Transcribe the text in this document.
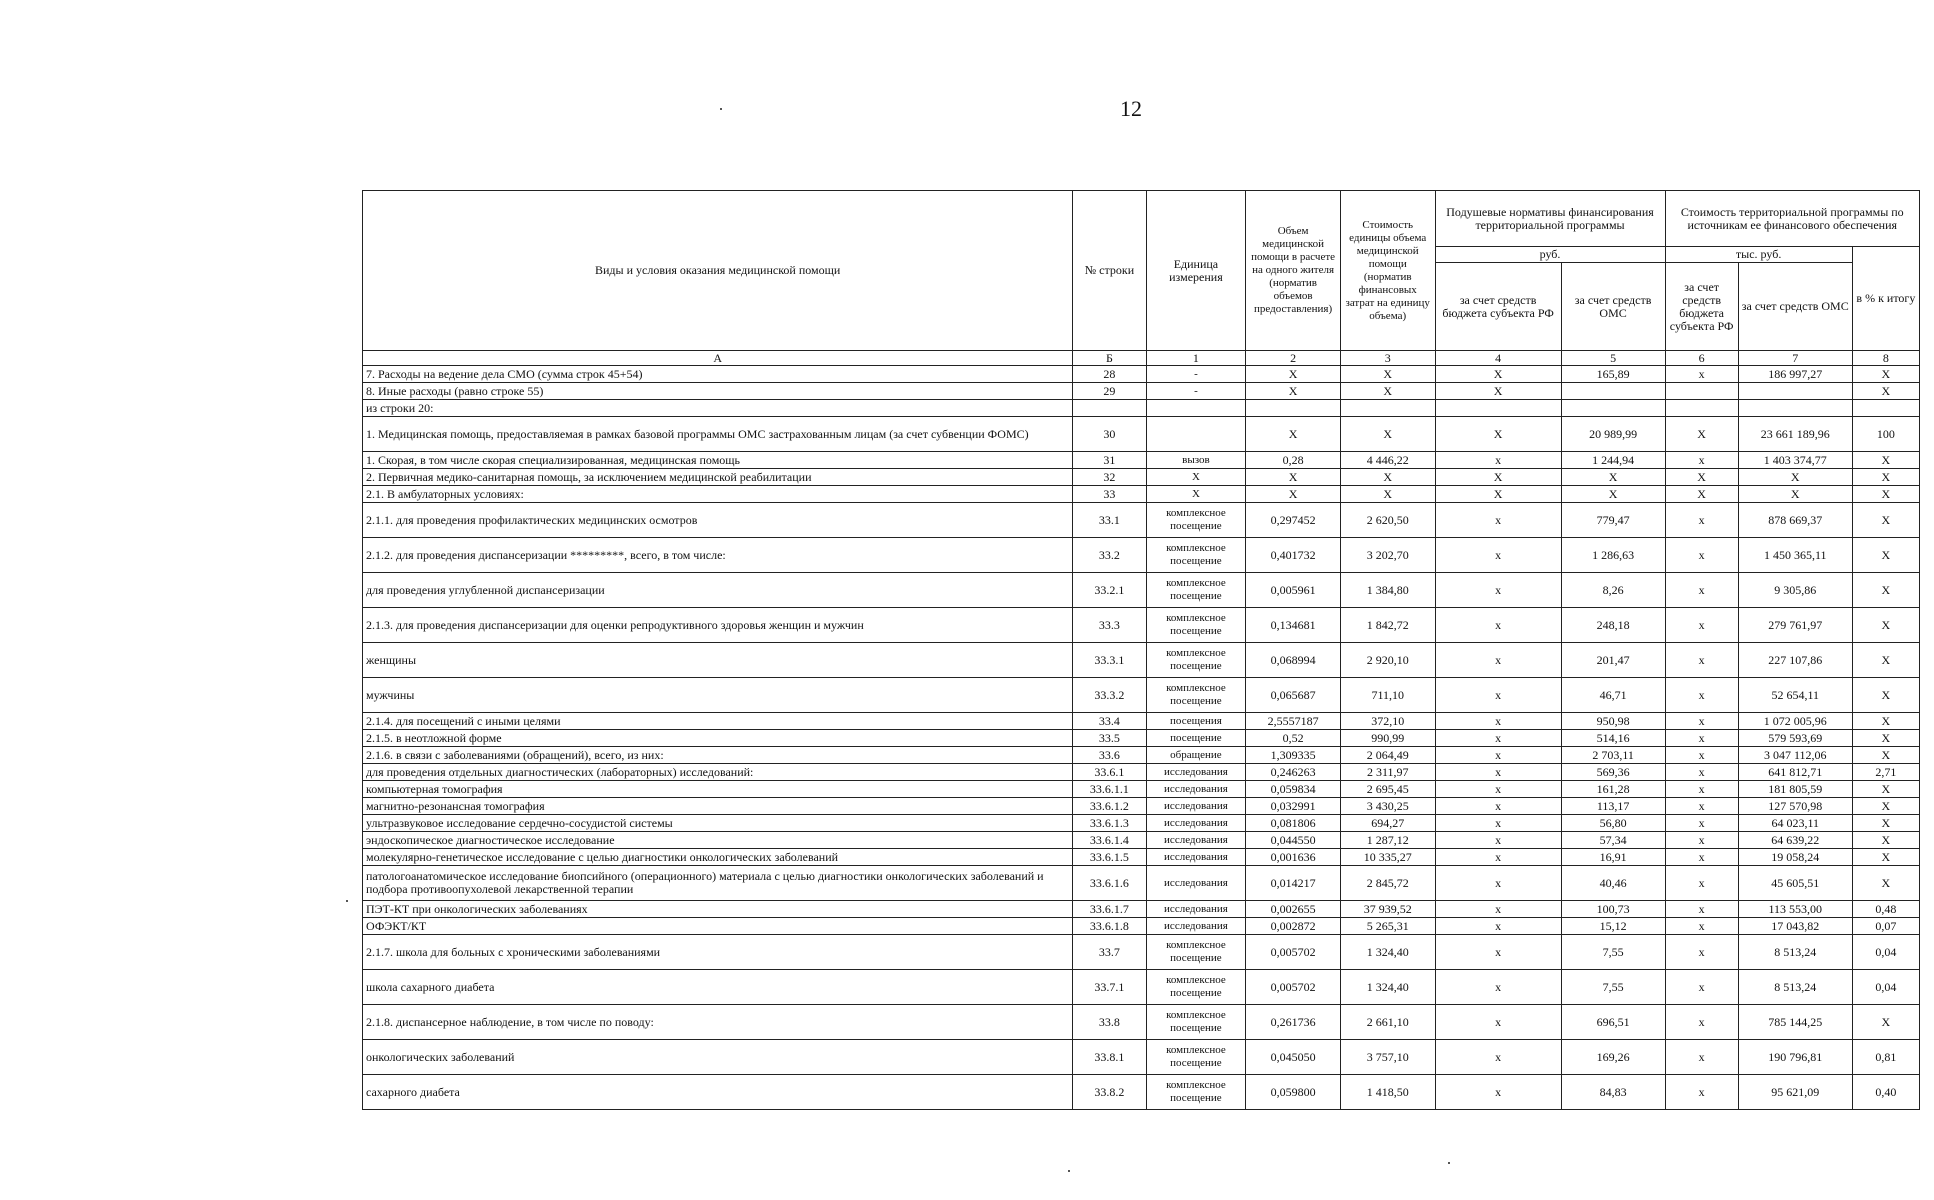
12
Виды и условия оказания медицинской помощи	№ строки	Единица измерения	Объем медицинской помощи в расчете на одного жителя (норматив объемов предоставления)	Стоимость единицы объема медицинской помощи (норматив финансовых затрат на единицу объема)	Подушевые нормативы финансирования территориальной программы		Стоимость территориальной программы по источникам ее финансового обеспечения		
					руб.		тыс. руб.		в % к итогу
					за счет средств бюджета субъекта РФ	за счет средств ОМС	за счет средств бюджета субъекта РФ	за счет средств ОМС	
А	Б	1	2	3	4	5	6	7	8
7. Расходы на ведение дела СМО (сумма строк 45+54)	28	-	Х	Х	Х	165,89	х	186 997,27	Х
8. Иные расходы (равно строке 55)	29	-	Х	Х	Х				Х
из строки 20:									
1. Медицинская помощь, предоставляемая в рамках базовой программы ОМС застрахованным лицам (за счет субвенции ФОМС)	30		Х	Х	Х	20 989,99	Х	23 661 189,96	100
1. Скорая, в том числе скорая специализированная, медицинская помощь	31	вызов	0,28	4 446,22	х	1 244,94	х	1 403 374,77	Х
2. Первичная медико-санитарная помощь, за исключением медицинской реабилитации	32	Х	Х	Х	Х	Х	Х	Х	Х
2.1. В амбулаторных условиях:	33	Х	Х	Х	Х	Х	Х	Х	Х
2.1.1. для проведения профилактических медицинских осмотров	33.1	комплексное посещение	0,297452	2 620,50	х	779,47	х	878 669,37	Х
2.1.2. для проведения диспансеризации *********, всего, в том числе:	33.2	комплексное посещение	0,401732	3 202,70	х	1 286,63	х	1 450 365,11	Х
для проведения углубленной диспансеризации	33.2.1	комплексное посещение	0,005961	1 384,80	х	8,26	х	9 305,86	Х
2.1.3. для проведения диспансеризации для оценки репродуктивного здоровья женщин и мужчин	33.3	комплексное посещение	0,134681	1 842,72	х	248,18	х	279 761,97	Х
женщины	33.3.1	комплексное посещение	0,068994	2 920,10	х	201,47	х	227 107,86	Х
мужчины	33.3.2	комплексное посещение	0,065687	711,10	х	46,71	х	52 654,11	Х
2.1.4. для посещений с иными целями	33.4	посещения	2,5557187	372,10	х	950,98	х	1 072 005,96	Х
2.1.5. в неотложной форме	33.5	посещение	0,52	990,99	х	514,16	х	579 593,69	Х
2.1.6. в связи с заболеваниями (обращений), всего, из них:	33.6	обращение	1,309335	2 064,49	х	2 703,11	х	3 047 112,06	Х
для проведения отдельных диагностических (лабораторных) исследований:	33.6.1	исследования	0,246263	2 311,97	х	569,36	х	641 812,71	2,71
компьютерная томография	33.6.1.1	исследования	0,059834	2 695,45	х	161,28	х	181 805,59	Х
магнитно-резонансная томография	33.6.1.2	исследования	0,032991	3 430,25	х	113,17	х	127 570,98	Х
ультразвуковое исследование сердечно-сосудистой системы	33.6.1.3	исследования	0,081806	694,27	х	56,80	х	64 023,11	Х
эндоскопическое диагностическое исследование	33.6.1.4	исследования	0,044550	1 287,12	х	57,34	х	64 639,22	Х
молекулярно-генетическое исследование с целью диагностики онкологических заболеваний	33.6.1.5	исследования	0,001636	10 335,27	х	16,91	х	19 058,24	Х
патологоанатомическое исследование биопсийного (операционного) материала с целью диагностики онкологических заболеваний и подбора противоопухолевой лекарственной терапии	33.6.1.6	исследования	0,014217	2 845,72	х	40,46	х	45 605,51	Х
ПЭТ-КТ при онкологических заболеваниях	33.6.1.7	исследования	0,002655	37 939,52	х	100,73	х	113 553,00	0,48
ОФЭКТ/КТ	33.6.1.8	исследования	0,002872	5 265,31	х	15,12	х	17 043,82	0,07
2.1.7. школа для больных с хроническими заболеваниями	33.7	комплексное посещение	0,005702	1 324,40	х	7,55	х	8 513,24	0,04
школа сахарного диабета	33.7.1	комплексное посещение	0,005702	1 324,40	х	7,55	х	8 513,24	0,04
2.1.8. диспансерное наблюдение, в том числе по поводу:	33.8	комплексное посещение	0,261736	2 661,10	х	696,51	х	785 144,25	Х
онкологических заболеваний	33.8.1	комплексное посещение	0,045050	3 757,10	х	169,26	х	190 796,81	0,81
сахарного диабета	33.8.2	комплексное посещение	0,059800	1 418,50	х	84,83	х	95 621,09	0,40
